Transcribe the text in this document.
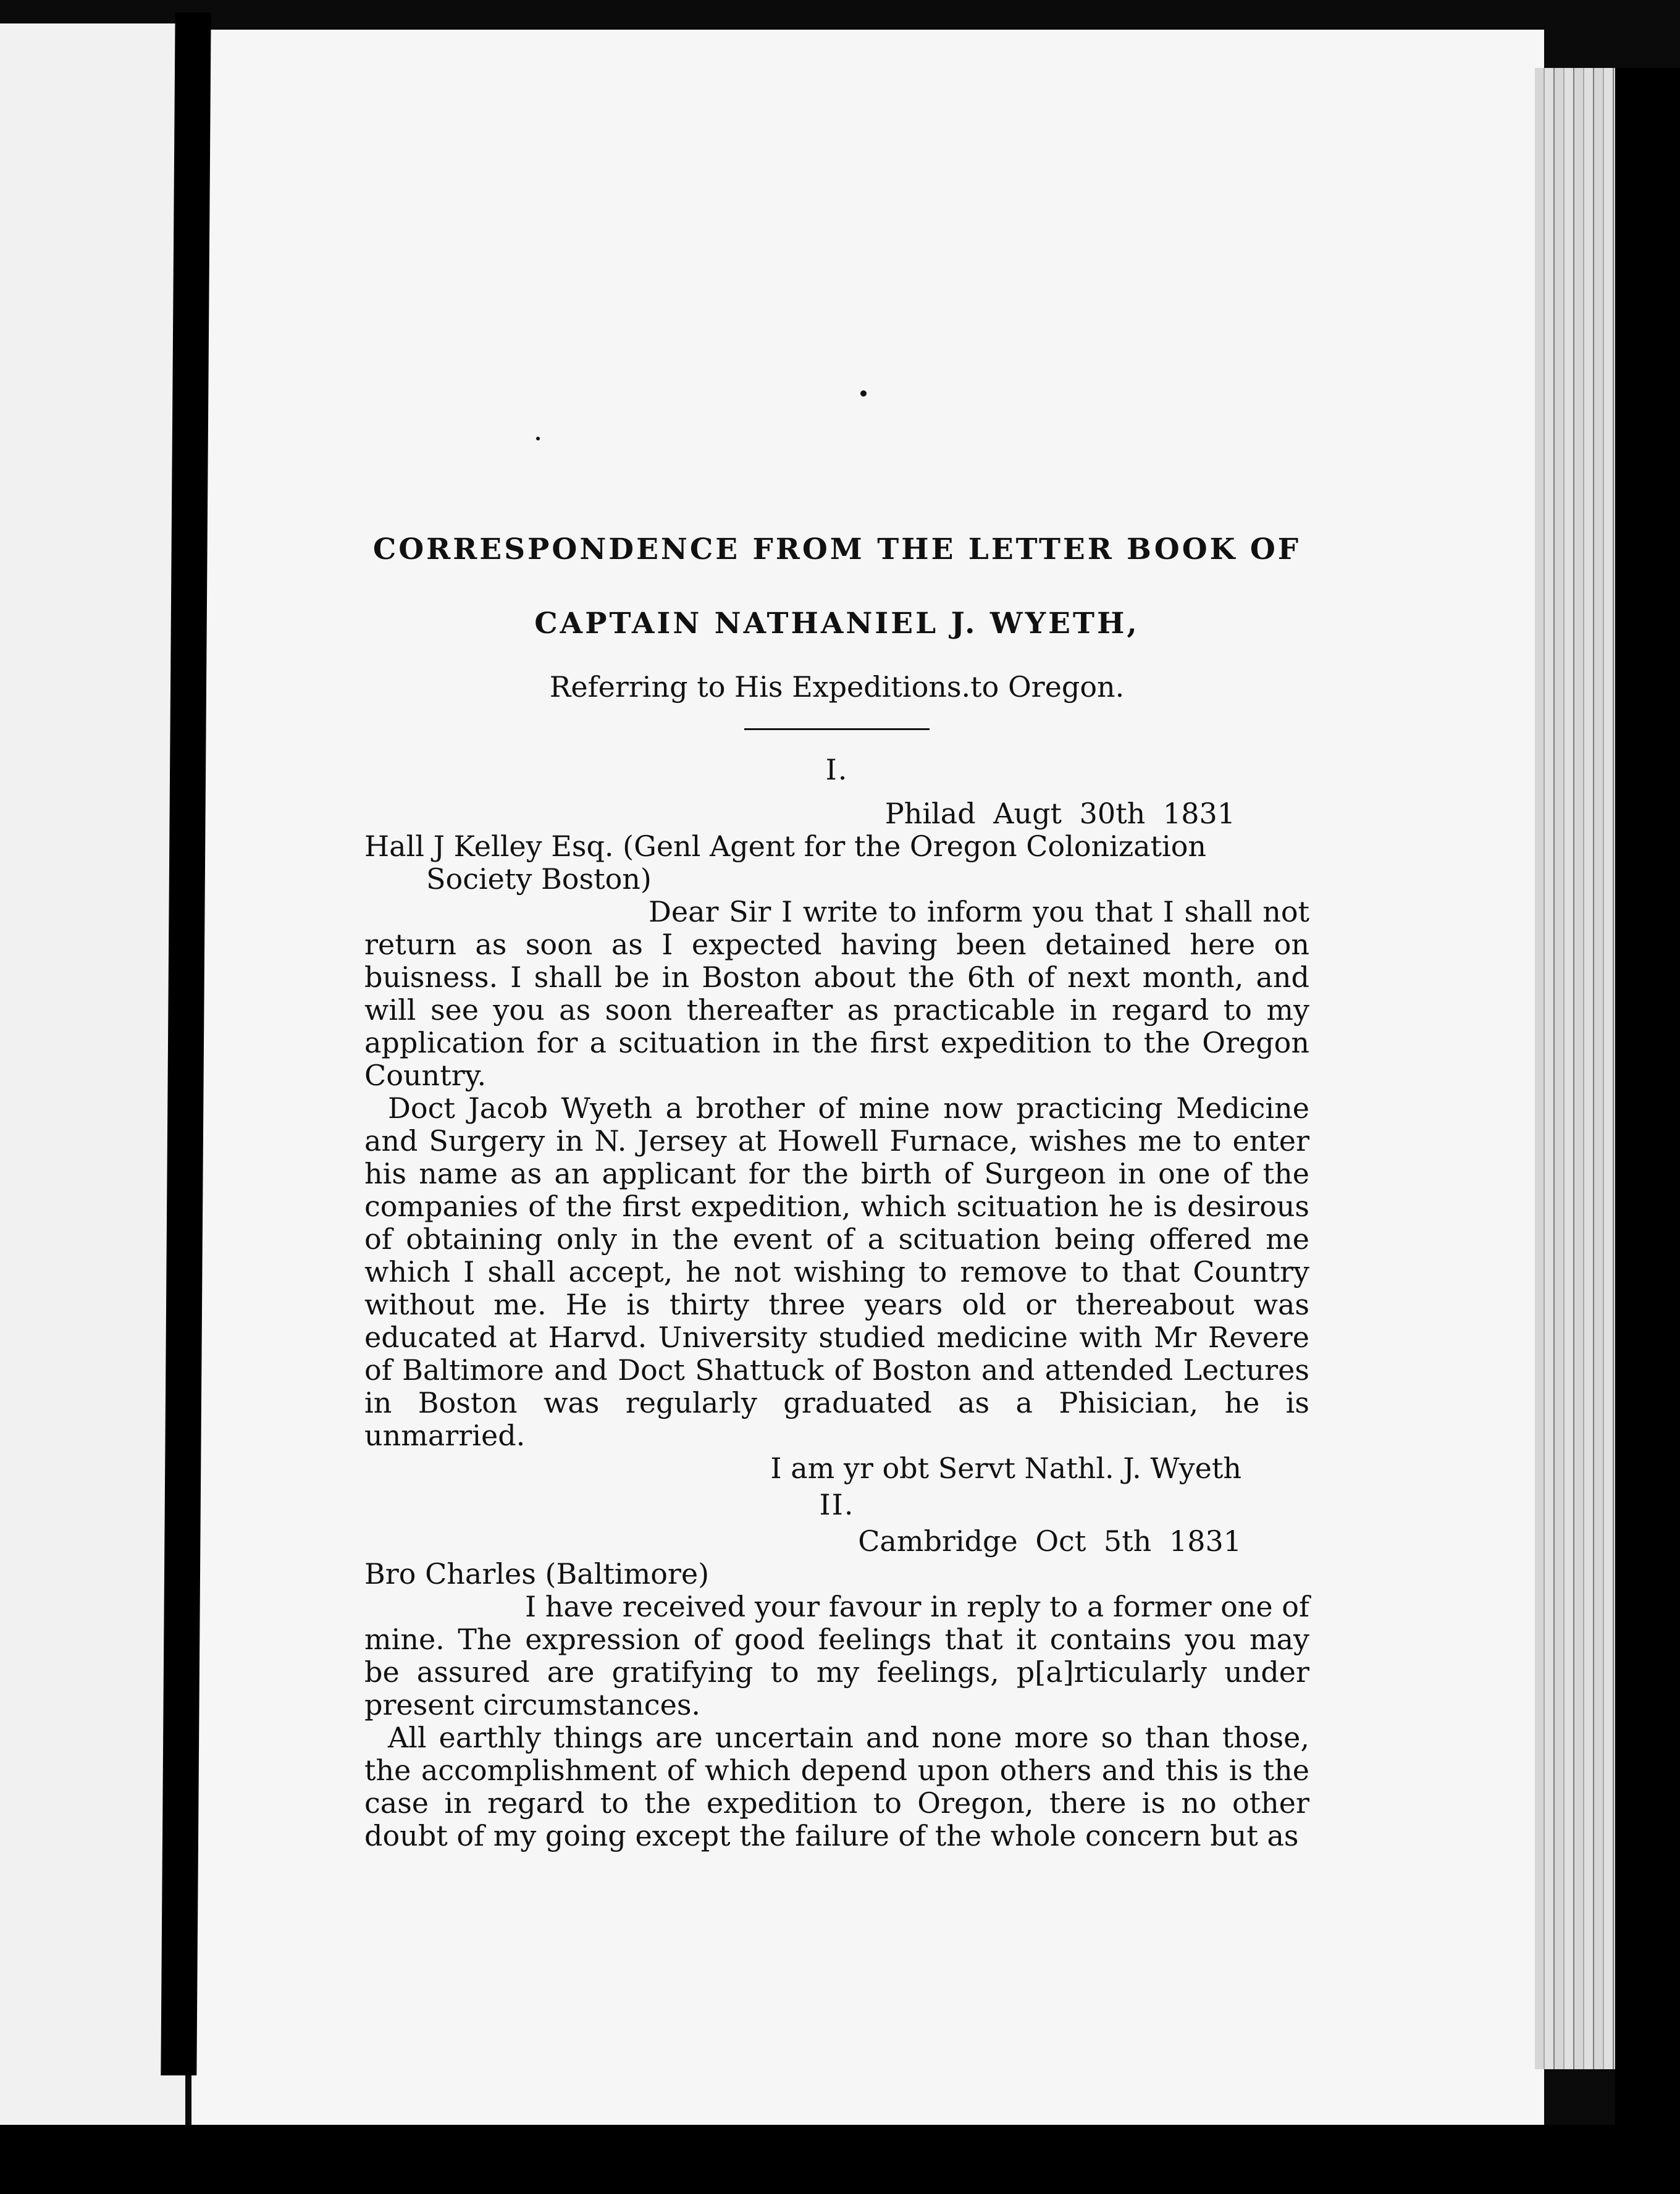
CORRESPONDENCE FROM THE LETTER BOOK OF
CAPTAIN NATHANIEL J. WYETH,
Referring to His Expeditions.to Oregon.
I.
Philad Augt 30th 1831
Hall J Kelley Esq. (Genl Agent for the Oregon Colonization
Society Boston)

Dear Sir I write to inform you that I shall not return as soon as I expected having been detained here on buisness. I shall be in Boston about the 6th of next month, and will see you as soon thereafter as practicable in regard to my application for a scituation in the first expedition to the Oregon Country.

Doct Jacob Wyeth a brother of mine now practicing Medicine and Surgery in N. Jersey at Howell Furnace, wishes me to enter his name as an applicant for the birth of Surgeon in one of the companies of the first expedition, which scituation he is desirous of obtaining only in the event of a scituation being offered me which I shall accept, he not wishing to remove to that Country without me. He is thirty three years old or thereabout was educated at Harvd. University studied medicine with Mr Revere of Baltimore and Doct Shattuck of Boston and attended Lectures in Boston was regularly graduated as a Phisician, he is unmarried.

I am yr obt Servt Nathl. J. Wyeth
II.
Cambridge Oct 5th 1831
Bro Charles (Baltimore)

I have received your favour in reply to a former one of mine. The expression of good feelings that it contains you may be assured are gratifying to my feelings, p[a]rticularly under present circumstances.

All earthly things are uncertain and none more so than those, the accomplishment of which depend upon others and this is the case in regard to the expedition to Oregon, there is no other doubt of my going except the failure of the whole concern but as
